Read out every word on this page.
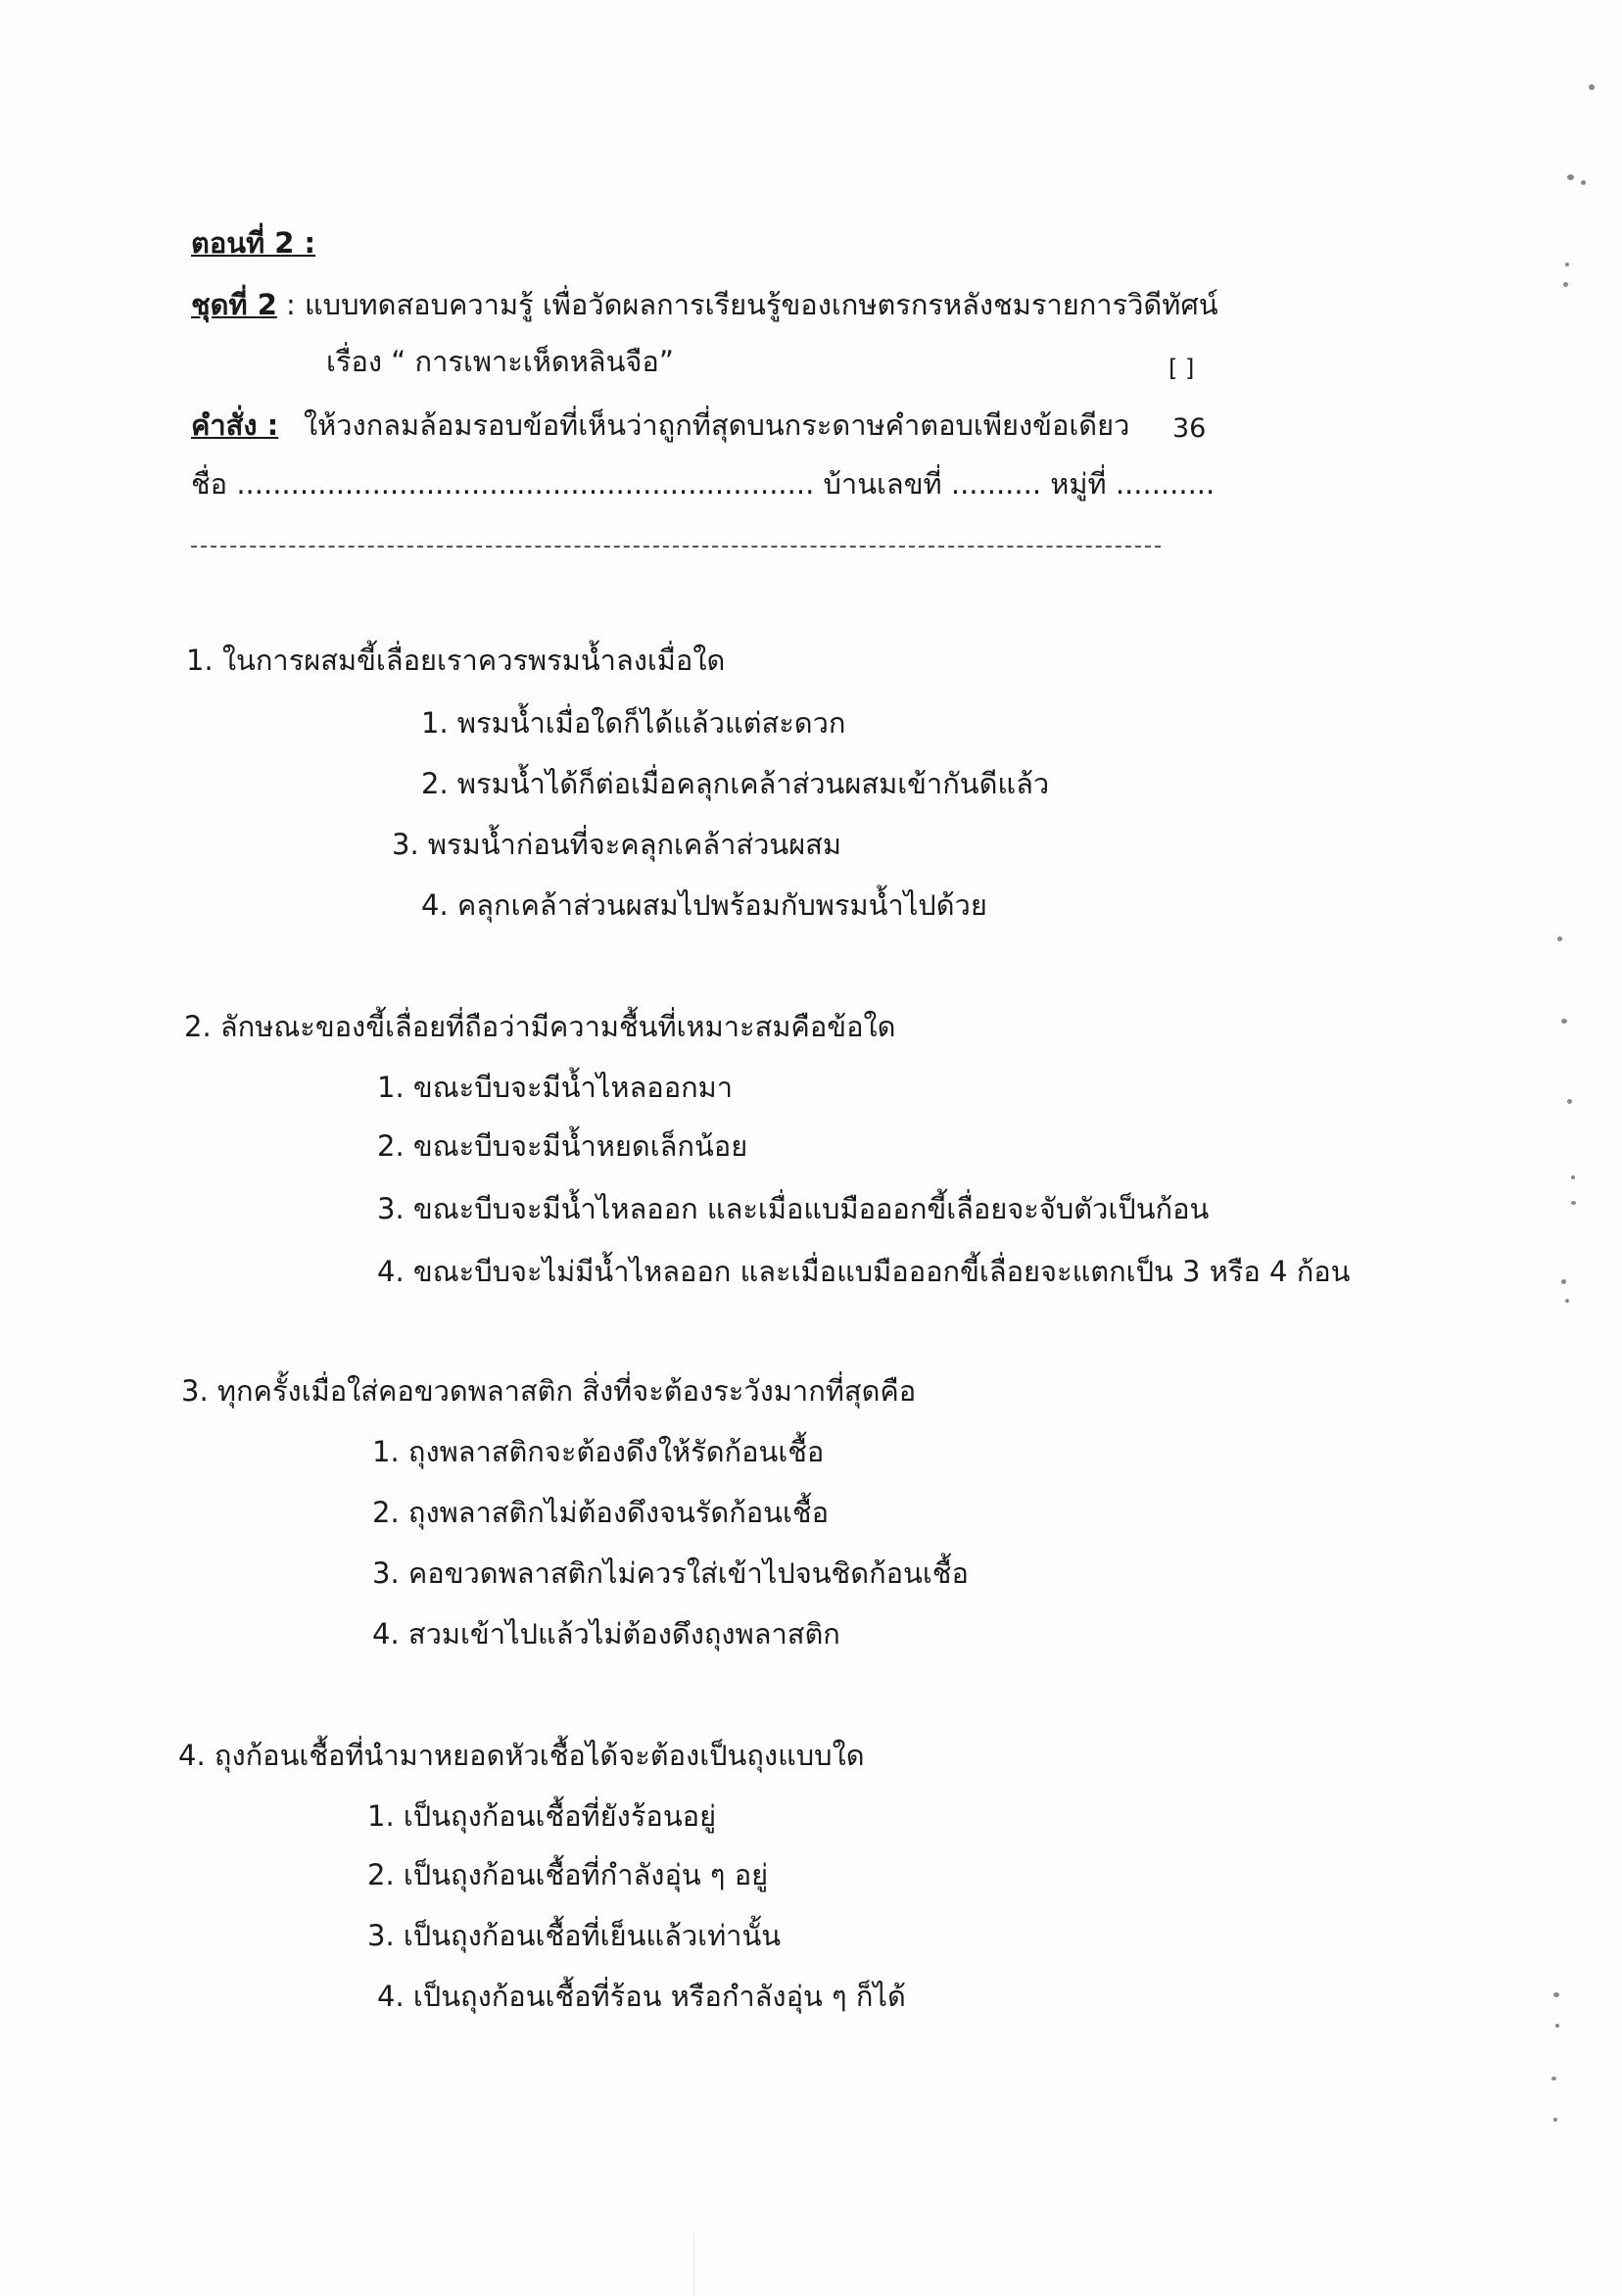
ตอนที่ 2 :
ชุดที่ 2 : แบบทดสอบความรู้ เพื่อวัดผลการเรียนรู้ของเกษตรกรหลังชมรายการวิดีทัศน์
เรื่อง “ การเพาะเห็ดหลินจือ”	[ ]
คำสั่ง : ให้วงกลมล้อมรอบข้อที่เห็นว่าถูกที่สุดบนกระดาษคำตอบเพียงข้อเดียว 36
ชื่อ ................................................................ บ้านเลขที่ .......... หมู่ที่ ...........
1. ในการผสมขี้เลื่อยเราควรพรมน้ำลงเมื่อใด
1. พรมน้ำเมื่อใดก็ได้แล้วแต่สะดวก
2. พรมน้ำได้ก็ต่อเมื่อคลุกเคล้าส่วนผสมเข้ากันดีแล้ว
3. พรมน้ำก่อนที่จะคลุกเคล้าส่วนผสม
4. คลุกเคล้าส่วนผสมไปพร้อมกับพรมน้ำไปด้วย
2. ลักษณะของขี้เลื่อยที่ถือว่ามีความชื้นที่เหมาะสมคือข้อใด
1. ขณะบีบจะมีน้ำไหลออกมา
2. ขณะบีบจะมีน้ำหยดเล็กน้อย
3. ขณะบีบจะมีน้ำไหลออก และเมื่อแบมือออกขี้เลื่อยจะจับตัวเป็นก้อน
4. ขณะบีบจะไม่มีน้ำไหลออก และเมื่อแบมือออกขี้เลื่อยจะแตกเป็น 3 หรือ 4 ก้อน
3. ทุกครั้งเมื่อใส่คอขวดพลาสติก สิ่งที่จะต้องระวังมากที่สุดคือ
1. ถุงพลาสติกจะต้องดึงให้รัดก้อนเชื้อ
2. ถุงพลาสติกไม่ต้องดึงจนรัดก้อนเชื้อ
3. คอขวดพลาสติกไม่ควรใส่เข้าไปจนชิดก้อนเชื้อ
4. สวมเข้าไปแล้วไม่ต้องดึงถุงพลาสติก
4. ถุงก้อนเชื้อที่นำมาหยอดหัวเชื้อได้จะต้องเป็นถุงแบบใด
1. เป็นถุงก้อนเชื้อที่ยังร้อนอยู่
2. เป็นถุงก้อนเชื้อที่กำลังอุ่น ๆ อยู่
3. เป็นถุงก้อนเชื้อที่เย็นแล้วเท่านั้น
4. เป็นถุงก้อนเชื้อที่ร้อน หรือกำลังอุ่น ๆ ก็ได้
